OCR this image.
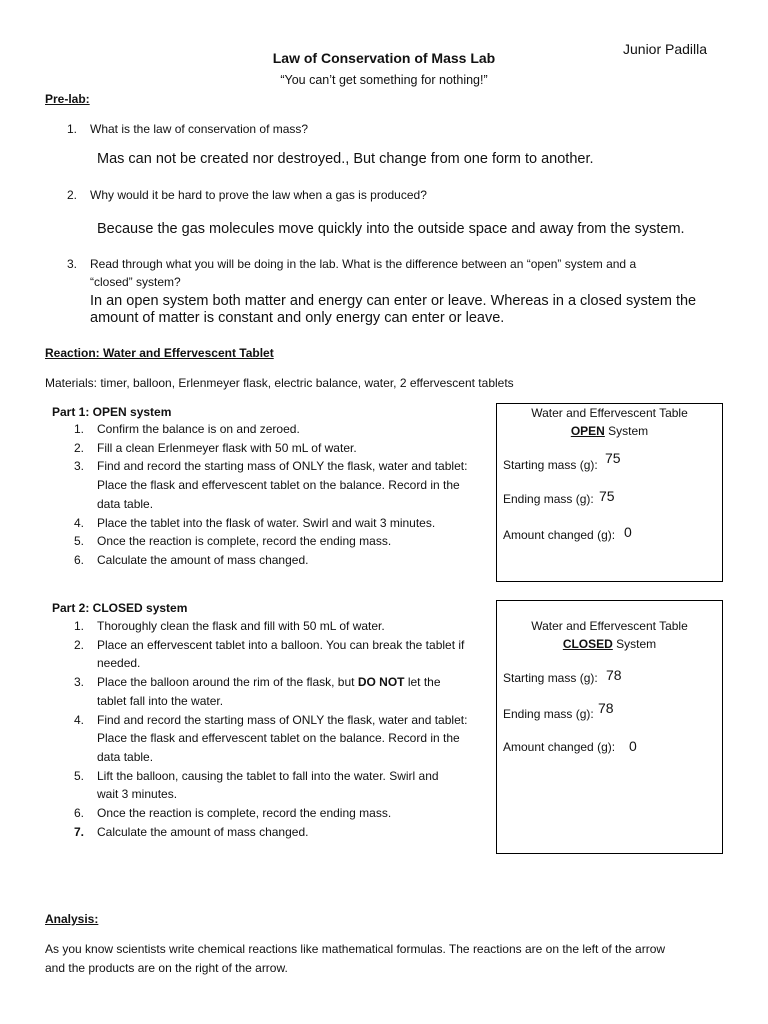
Junior Padilla
Law of Conservation of Mass Lab
“You can’t get something for nothing!”
Pre-lab:
1. What is the law of conservation of mass?
Mas can not be created nor destroyed., But change from one form to another.
2. Why would it be hard to prove the law when a gas is produced?
Because the gas molecules move quickly into the outside space and away from the system.
3. Read through what you will be doing in the lab. What is the difference between an “open” system and a
“closed” system?
In an open system both matter and energy can enter or leave. Whereas in a closed system the
amount of matter is constant and only energy can enter or leave.
Reaction: Water and Effervescent Tablet
Materials: timer, balloon, Erlenmeyer flask, electric balance, water, 2 effervescent tablets
Part 1: OPEN system
1. Confirm the balance is on and zeroed.
2. Fill a clean Erlenmeyer flask with 50 mL of water.
3. Find and record the starting mass of ONLY the flask, water and tablet:
Place the flask and effervescent tablet on the balance. Record in the
data table.
4. Place the tablet into the flask of water. Swirl and wait 3 minutes.
5. Once the reaction is complete, record the ending mass.
6. Calculate the amount of mass changed.
Water and Effervescent Table
OPEN System
Starting mass (g): 75
Ending mass (g): 75
Amount changed (g): 0
Part 2: CLOSED system
1. Thoroughly clean the flask and fill with 50 mL of water.
2. Place an effervescent tablet into a balloon. You can break the tablet if
needed.
3. Place the balloon around the rim of the flask, but DO NOT let the
tablet fall into the water.
4. Find and record the starting mass of ONLY the flask, water and tablet:
Place the flask and effervescent tablet on the balance. Record in the
data table.
5. Lift the balloon, causing the tablet to fall into the water. Swirl and
wait 3 minutes.
6. Once the reaction is complete, record the ending mass.
7. Calculate the amount of mass changed.
Water and Effervescent Table
CLOSED System
Starting mass (g): 78
Ending mass (g): 78
Amount changed (g): 0
Analysis:
As you know scientists write chemical reactions like mathematical formulas. The reactions are on the left of the arrow
and the products are on the right of the arrow.
